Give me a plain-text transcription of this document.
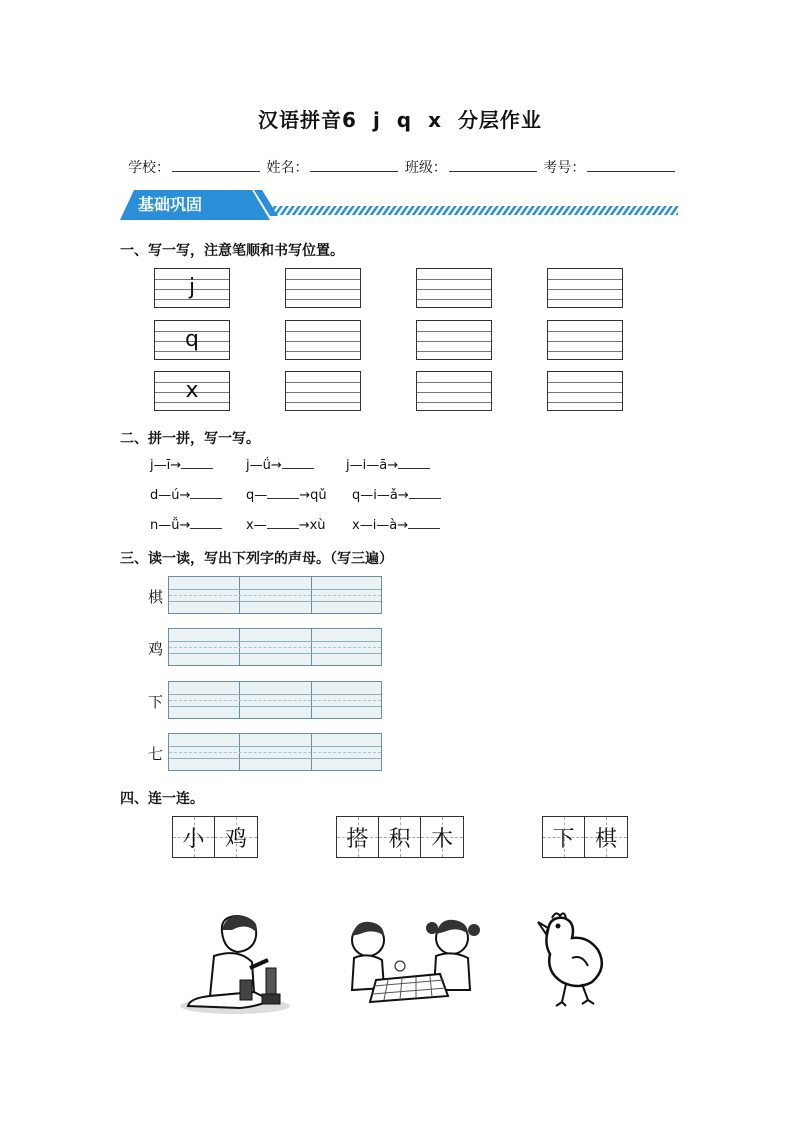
汉语拼音6 j q x 分层作业
学校：	姓名：	班级：	考号：
基础巩固
一、写一写，注意笔顺和书写位置。
j
q
x
二、拼一拼，写一写。
j—ī→	j—ǘ→	j—i—ā→
d—ú→	q— →qǔ q—i—ǎ→
n—ǚ→	x— →xù x—i—à→
三、读一读，写出下列字的声母。（写三遍）
棋
鸡
下
七
四、连一连。
小 鸡	搭 积 木	下 棋
